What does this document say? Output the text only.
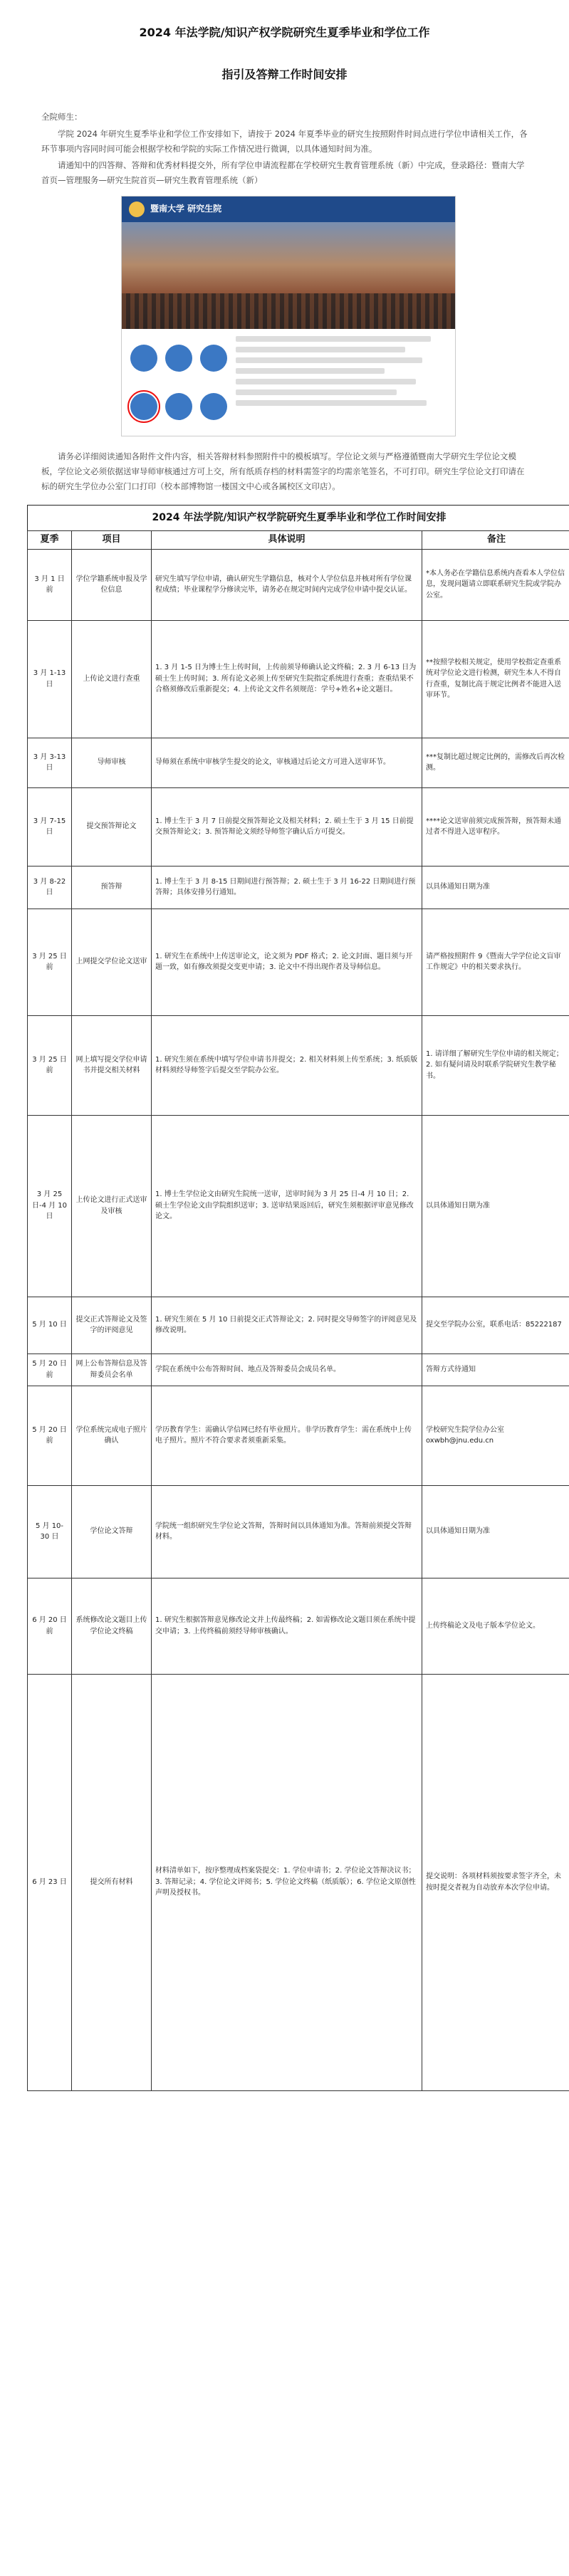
2024 年法学院/知识产权学院研究生夏季毕业和学位工作
指引及答辩工作时间安排

全院师生：

学院 2024 年研究生夏季毕业和学位工作安排如下，请按于 2024 年夏季毕业的研究生按照附件时间点进行学位申请相关工作，各环节事项内容同时间可能会根据学校和学院的实际工作情况进行微调，以具体通知时间为准。

请通知中的四答辩、答辩和优秀材料提交外，所有学位申请流程都在学校研究生教育管理系统（新）中完成，登录路径：暨南大学首页—管理服务—研究生院首页—研究生教育管理系统（新）

暨南大学 研究生院

请务必详细阅读通知各附件文件内容，相关答辩材料参照附件中的模板填写。学位论文须与严格遵循暨南大学研究生学位论文模板，学位论文必须依据送审导师审核通过方可上交，所有纸质存档的材料需签字的均需亲笔签名，不可打印。研究生学位论文打印请在标的研究生学位办公室门口打印（校本部博物馆一楼国文中心或各属校区文印店）。

2024 年法学院/知识产权学院研究生夏季毕业和学位工作时间安排
夏季	项目	具体说明	备注
3 月 1 日前	学位学籍系统申报及学位信息	研究生填写学位申请，确认研究生学籍信息，核对个人学位信息并核对所有学位课程成绩；毕业课程学分修读完毕，请务必在规定时间内完成学位申请中提交认证。	*本人务必在学籍信息系统内查看本人学位信息，发现问题请立即联系研究生院或学院办公室。
3 月 1-13 日	上传论文进行查重	1. 3 月 1-5 日为博士生上传时间，上传前须导师确认论文终稿；2. 3 月 6-13 日为硕士生上传时间；3. 所有论文必须上传至研究生院指定系统进行查重；查重结果不合格须修改后重新提交；4. 上传论文文件名须规范：学号+姓名+论文题目。	**按照学校相关规定，使用学校指定查重系统对学位论文进行检测，研究生本人不得自行查重，复制比高于规定比例者不能进入送审环节。
3 月 3-13 日	导师审核	导师须在系统中审核学生提交的论文，审核通过后论文方可进入送审环节。	***复制比超过规定比例的，需修改后再次检测。
3 月 7-15 日	提交预答辩论文	1. 博士生于 3 月 7 日前提交预答辩论文及相关材料；2. 硕士生于 3 月 15 日前提交预答辩论文；3. 预答辩论文须经导师签字确认后方可提交。	****论文送审前须完成预答辩，预答辩未通过者不得进入送审程序。
3 月 8-22 日	预答辩	1. 博士生于 3 月 8-15 日期间进行预答辩；2. 硕士生于 3 月 16-22 日期间进行预答辩；具体安排另行通知。	以具体通知日期为准
3 月 25 日前	上网提交学位论文送审	1. 研究生在系统中上传送审论文，论文须为 PDF 格式；2. 论文封面、题目须与开题一致，如有修改须提交变更申请；3. 论文中不得出现作者及导师信息。	请严格按照附件 9《暨南大学学位论文盲审工作规定》中的相关要求执行。
3 月 25 日前	网上填写提交学位申请书并提交相关材料	1. 研究生须在系统中填写学位申请书并提交；2. 相关材料须上传至系统；3. 纸质版材料须经导师签字后提交至学院办公室。	1. 请详细了解研究生学位申请的相关规定；2. 如有疑问请及时联系学院研究生教学秘书。
3 月 25 日-4 月 10 日	上传论文进行正式送审及审核	1. 博士生学位论文由研究生院统一送审，送审时间为 3 月 25 日-4 月 10 日；2. 硕士生学位论文由学院组织送审；3. 送审结果返回后，研究生须根据评审意见修改论文。	以具体通知日期为准
5 月 10 日	提交正式答辩论文及签字的评阅意见	1. 研究生须在 5 月 10 日前提交正式答辩论文；2. 同时提交导师签字的评阅意见及修改说明。	提交至学院办公室，联系电话：85222187
5 月 20 日前	网上公布答辩信息及答辩委员会名单	学院在系统中公布答辩时间、地点及答辩委员会成员名单。	答辩方式待通知
5 月 20 日前	学位系统完成电子照片确认	学历教育学生：需确认学信网已经有毕业照片。非学历教育学生：需在系统中上传电子照片。照片不符合要求者须重新采集。	学校研究生院学位办公室 oxwbh@jnu.edu.cn
5 月 10-30 日	学位论文答辩	学院统一组织研究生学位论文答辩，答辩时间以具体通知为准。答辩前须提交答辩材料。	以具体通知日期为准
6 月 20 日前	系统修改论文题目上传学位论文终稿	1. 研究生根据答辩意见修改论文并上传最终稿；2. 如需修改论文题目须在系统中提交申请；3. 上传终稿前须经导师审核确认。	上传终稿论文及电子版本学位论文。
6 月 23 日	提交所有材料	材料清单如下，按序整理成档案袋提交：1. 学位申请书；2. 学位论文答辩决议书；3. 答辩记录；4. 学位论文评阅书；5. 学位论文终稿（纸质版）；6. 学位论文原创性声明及授权书。	提交说明：各项材料须按要求签字齐全，未按时提交者视为自动放弃本次学位申请。
